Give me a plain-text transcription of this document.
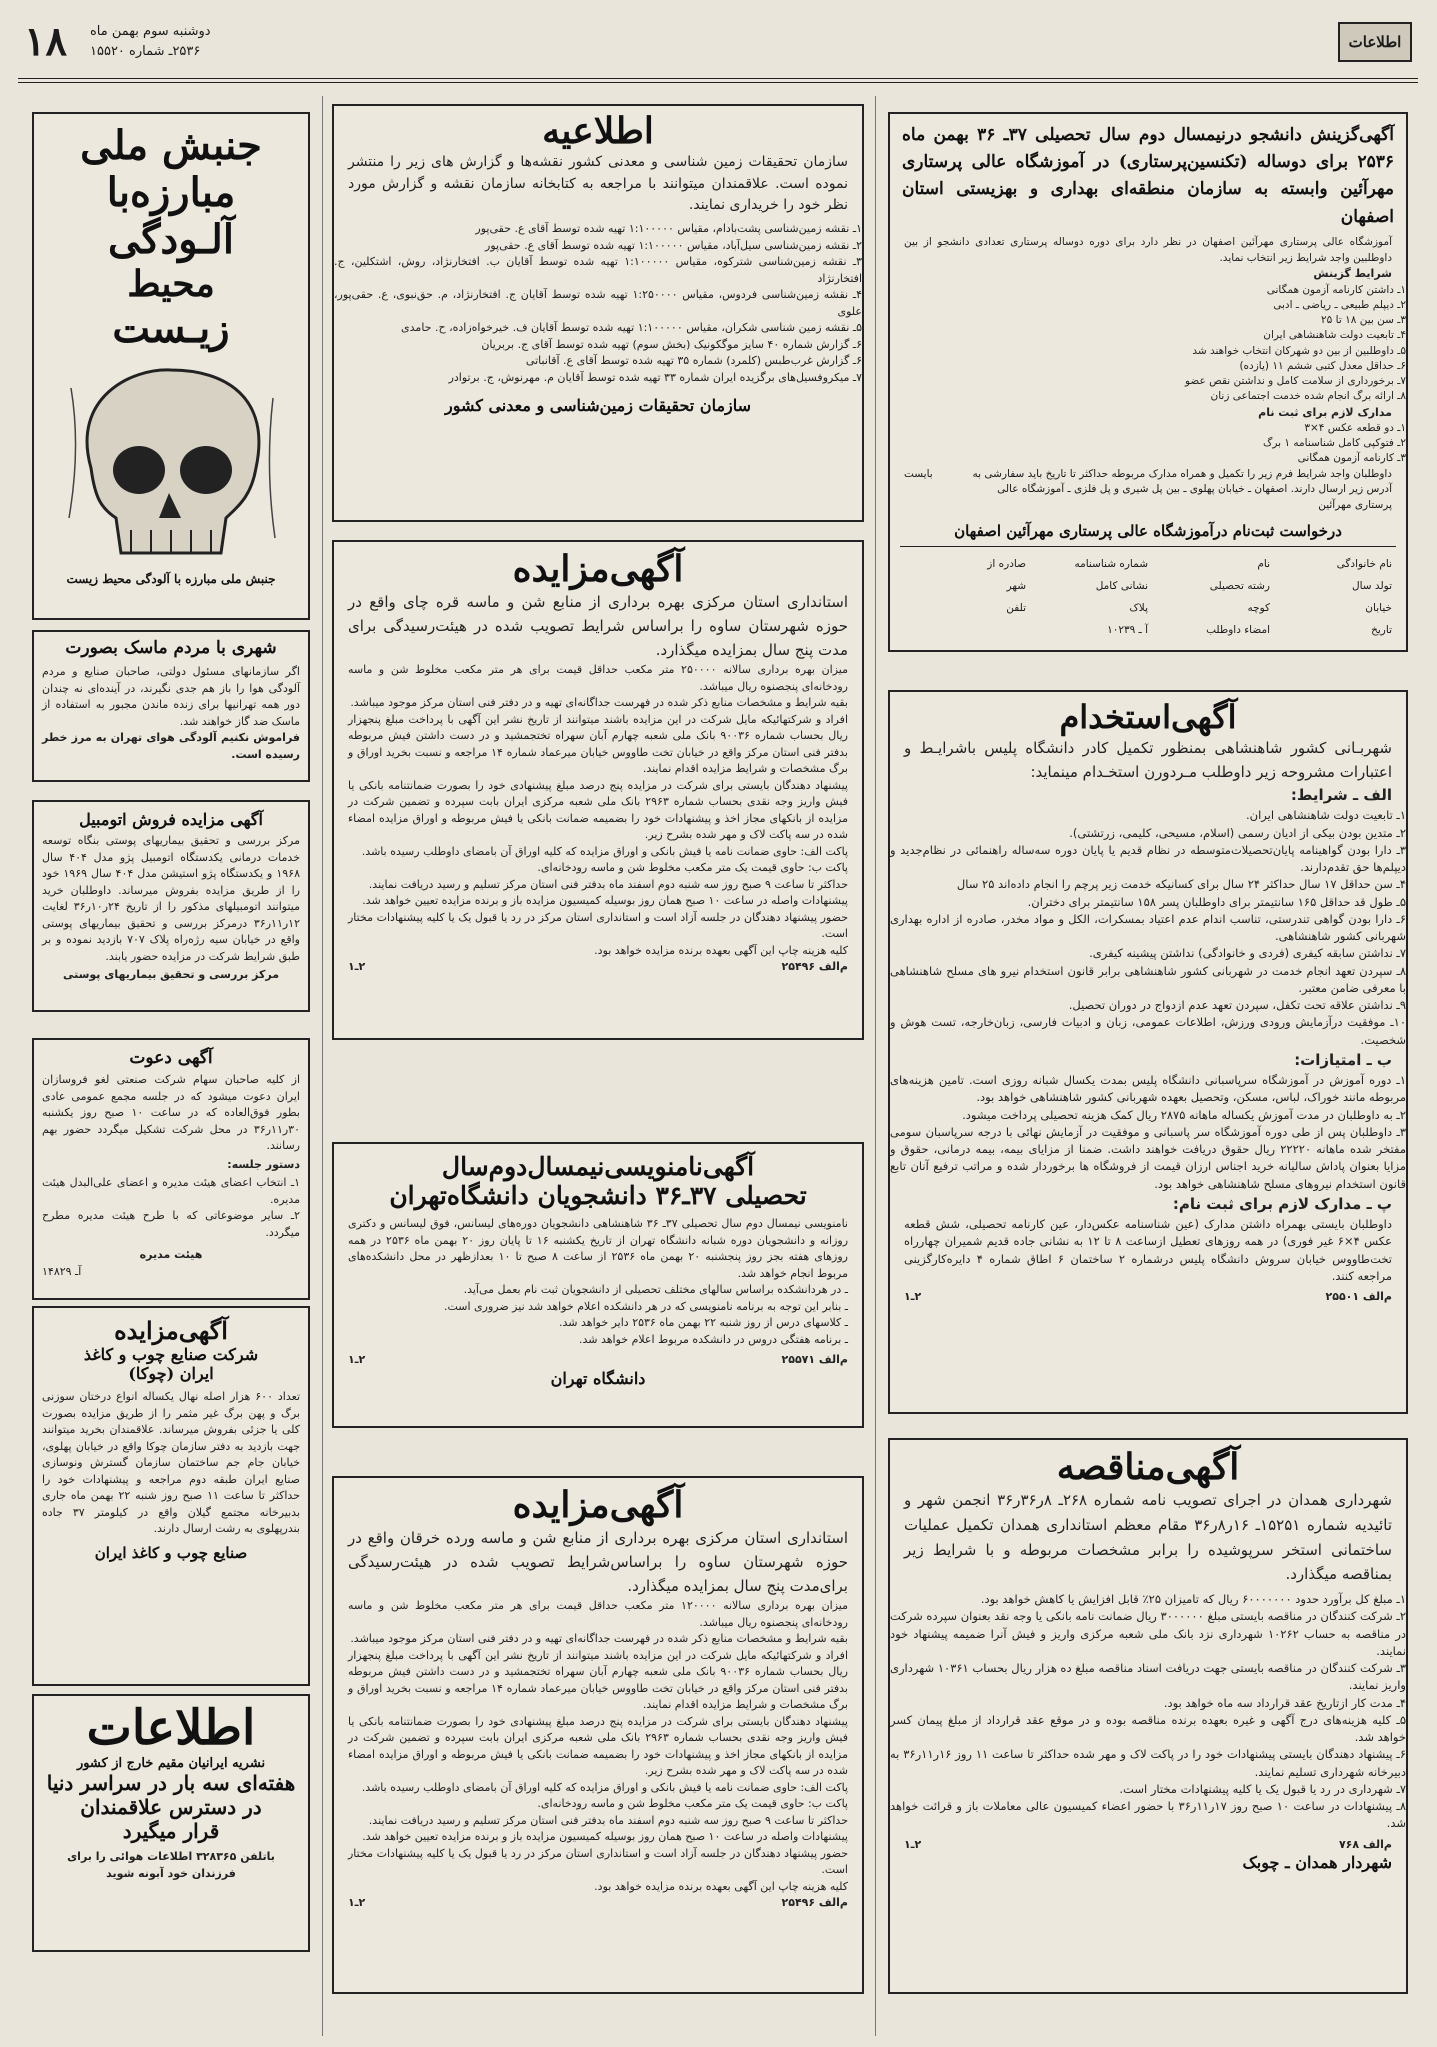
اطلاعات
۱۸ دوشنبه سوم بهمن ماه
۲۵۳۶ـ شماره ۱۵۵۲۰
جنبش ملی
مبارزه‌با
آلـودگی
محیط
زیـست
جنبش ملی مبارزه با آلودگی محیط زیست
شهری با مردم ماسک بصورت
اگر سازمانهای مسئول دولتی، صاحبان صنایع و مردم آلودگی هوا را باز هم جدی نگیرند، در آینده‌ای نه چندان دور همه تهرانیها برای زنده ماندن مجبور به استفاده از ماسک ضد گاز خواهند شد.
فراموش نکنیم آلودگی هوای تهران به مرز خطر رسیده است.
آگهی مزایده فروش اتومبیل
مرکز بررسی و تحقیق بیماریهای پوستی بنگاه توسعه خدمات درمانی یکدستگاه اتومبیل پژو مدل ۴۰۴ سال ۱۹۶۸ و یکدستگاه پژو استیشن مدل ۴۰۴ سال ۱۹۶۹ خود را از طریق مزایده بفروش میرساند. داوطلبان خرید میتوانند اتومبیلهای مذکور را از تاریخ ۲۴ر۱۰ر۳۶ لغایت ۱۲ر۱۱ر۳۶ درمرکز بررسی و تحقیق بیماریهای پوستی واقع در خیابان سیه رژه‌راه پلاک ۷۰۷ بازدید نموده و بر طبق شرایط شرکت در مزایده حضور یابند.
مرکز بررسی و تحقیق بیماریهای پوستی
آگهی دعوت
از کلیه صاحبان سهام شرکت صنعتی لغو فروسازان ایران دعوت میشود که در جلسه مجمع عمومی عادی بطور فوق‌العاده که در ساعت ۱۰ صبح روز یکشنبه ۳۰ر۱۱ر۳۶ در محل شرکت تشکیل میگردد حضور بهم رسانند.
دستور جلسه:
۱ـ انتخاب اعضای هیئت مدیره و اعضای علی‌البدل هیئت مدیره.
۲ـ سایر موضوعاتی که با طرح هیئت مدیره مطرح میگردد.
هیئت مدیره
آـ ۱۴۸۲۹
آگهی‌مزایده
شرکت صنایع چوب و کاغذ
ایران (چوکا)
تعداد ۶۰۰ هزار اصله نهال یکساله انواع درختان سوزنی برگ و پهن برگ غیر مثمر را از طریق مزایده بصورت کلی یا جزئی بفروش میرساند. علاقمندان بخرید میتوانند جهت بازدید به دفتر سازمان چوکا واقع در خیابان پهلوی، خیابان جام جم ساختمان سازمان گسترش ونوسازی صنایع ایران طبقه دوم مراجعه و پیشنهادات خود را حداکثر تا ساعت ۱۱ صبح روز شنبه ۲۲ بهمن ماه جاری بدبیرخانه مجتمع گیلان واقع در کیلومتر ۳۷ جاده بندرپهلوی به رشت ارسال دارند.
صنایع چوب و کاغذ ایران
اطلاعات
نشریه ایرانیان مقیم خارج از کشور
هفته‌ای سه بار در سراسر دنیا
در دسترس علاقمندان
قرار میگیرد
باتلفن ۳۲۸۳۶۵ اطلاعات هوائی را برای فرزندان خود آبونه شوید
اطلاعیه
سازمان تحقیقات زمین شناسی و معدنی کشور نقشه‌ها و گزارش های زیر را منتشر نموده است. علاقمندان میتوانند با مراجعه به کتابخانه سازمان نقشه و گزارش مورد نظر خود را خریداری نمایند.
۱ـ نقشه زمین‌شناسی پشت‌بادام، مقیاس ۱:۱۰۰۰۰۰ تهیه شده توسط آقای ع. حقی‌پور
۲ـ نقشه زمین‌شناسی سیل‌آباد، مقیاس ۱:۱۰۰۰۰۰ تهیه شده توسط آقای ع. حقی‌پور
۳ـ نقشه زمین‌شناسی شترکوه، مقیاس ۱:۱۰۰۰۰۰ تهیه شده توسط آقایان ب. افتخارنژاد، روش، اشتکلین، ج. افتخارنژاد
۴ـ نقشه زمین‌شناسی فردوس، مقیاس ۱:۲۵۰۰۰۰ تهیه شده توسط آقایان ج. افتخارنژاد، م. حق‌نبوی، ع. حقی‌پور، علوی
۵ـ نقشه زمین شناسی شکران، مقیاس ۱:۱۰۰۰۰۰ تهیه شده توسط آقایان ف. خیرخواه‌زاده، ح. حامدی
۶ـ گزارش شماره ۴۰ سایز موگکونیک (بخش سوم) تهیه شده توسط آقای ج. بربریان
۶ـ گزارش غرب‌طبس (کلمرد) شماره ۳۵ تهیه شده توسط آقای ع. آقانباتی
۷ـ میکروفسیل‌های برگزیده ایران شماره ۳۳ تهیه شده توسط آقایان م. مهرنوش، ج. برتوادر
سازمان تحقیقات زمین‌شناسی و معدنی کشور
آگهی‌مزایده
استانداری استان مرکزی بهره برداری از منابع شن و ماسه قره چای واقع در حوزه شهرستان ساوه را براساس شرایط تصویب شده در هیئت‌رسیدگی برای مدت پنج سال بمزایده میگذارد.
میزان بهره برداری سالانه ۲۵۰۰۰۰ متر مکعب حداقل قیمت برای هر متر مکعب مخلوط شن و ماسه رودخانه‌ای پنجصنوه ریال میباشد.
بقیه شرایط و مشخصات منابع ذکر شده در فهرست جداگانه‌ای تهیه و در دفتر فنی استان مرکز موجود میباشد.
افراد و شرکتهائیکه مایل شرکت در این مزایده باشند میتوانند از تاریخ نشر این آگهی با پرداخت مبلغ پنجهزار ریال بحساب شماره ۹۰۰۳۶ بانک ملی شعبه چهارم آبان سهراه تختجمشید و در دست داشتن فیش مربوطه بدفتر فنی استان مرکز واقع در خیابان تخت طاووس خیابان میرعماد شماره ۱۴ مراجعه و نسبت بخرید اوراق و برگ مشخصات و شرایط مزایده اقدام نمایند.
پیشنهاد دهندگان بایستی برای شرکت در مزایده پنج درصد مبلغ پیشنهادی خود را بصورت ضمانتنامه بانکی یا فیش واریز وجه نقدی بحساب شماره ۲۹۶۳ بانک ملی شعبه مرکزی ایران بابت سپرده و تضمین شرکت در مزایده از بانکهای مجاز اخذ و پیشنهادات خود را بضمیمه ضمانت بانکی یا فیش مربوطه و اوراق مزایده امضاء شده در سه پاکت لاک و مهر شده بشرح زیر.
پاکت الف: حاوی ضمانت نامه یا فیش بانکی و اوراق مزایده که کلیه اوراق آن بامضای داوطلب رسیده باشد.
پاکت ب: حاوی قیمت یک متر مکعب مخلوط شن و ماسه رودخانه‌ای.
حداکثر تا ساعت ۹ صبح روز سه شنبه دوم اسفند ماه بدفتر فنی استان مرکز تسلیم و رسید دریافت نمایند.
پیشنهادات واصله در ساعت ۱۰ صبح همان روز بوسیله کمیسیون مزایده باز و برنده مزایده تعیین خواهد شد.
حضور پیشنهاد دهندگان در جلسه آزاد است و استانداری استان مرکز در رد یا قبول یک یا کلیه پیشنهادات مختار است.
کلیه هزینه چاپ این آگهی بعهده برنده مزایده خواهد بود.
م‌الف ۲۵۴۹۶
۲ـ۱
آگهی‌نامنویسی‌نیمسال‌دوم‌سال
تحصیلی ۳۷ـ۳۶ دانشجویان دانشگاه‌تهران
نامنویسی نیمسال دوم سال تحصیلی ۳۷ـ ۳۶ شاهنشاهی دانشجویان دوره‌های لیسانس، فوق لیسانس و دکتری روزانه و دانشجویان دوره شبانه دانشگاه تهران از تاریخ یکشنبه ۱۶ تا پایان روز ۲۰ بهمن ماه ۲۵۳۶ در همه روزهای هفته بجز روز پنجشنبه ۲۰ بهمن ماه ۲۵۳۶ از ساعت ۸ صبح تا ۱۰ بعدازظهر در محل دانشکده‌های مربوط انجام خواهد شد.
ـ در هردانشکده براساس سالهای مختلف تحصیلی از دانشجویان ثبت نام بعمل می‌آید.
ـ بنابر این توجه به برنامه نامنویسی که در هر دانشکده اعلام خواهد شد نیز ضروری است.
ـ کلاسهای درس از روز شنبه ۲۲ بهمن ماه ۲۵۳۶ دایر خواهد شد.
ـ برنامه هفتگی دروس در دانشکده مربوط اعلام خواهد شد.
م‌الف ۲۵۵۷۱
۲ـ۱
دانشگاه تهران
آگهی‌مزایده
استانداری استان مرکزی بهره برداری از منابع شن و ماسه ورده خرقان واقع در حوزه شهرستان ساوه را براساس‌شرایط تصویب شده در هیئت‌رسیدگی برای‌مدت پنج سال بمزایده میگذارد.
میزان بهره برداری سالانه ۱۲۰۰۰۰ متر مکعب حداقل قیمت برای هر متر مکعب مخلوط شن و ماسه رودخانه‌ای پنجصنوه ریال میباشد.
بقیه شرایط و مشخصات منابع ذکر شده در فهرست جداگانه‌ای تهیه و در دفتر فنی استان مرکز موجود میباشد.
افراد و شرکتهائیکه مایل شرکت در این مزایده باشند میتوانند از تاریخ نشر این آگهی با پرداخت مبلغ پنجهزار ریال بحساب شماره ۹۰۰۳۶ بانک ملی شعبه چهارم آبان سهراه تختجمشید و در دست داشتن فیش مربوطه بدفتر فنی استان مرکز واقع در خیابان تخت طاووس خیابان میرعماد شماره ۱۴ مراجعه و نسبت بخرید اوراق و برگ مشخصات و شرایط مزایده اقدام نمایند.
پیشنهاد دهندگان بایستی برای شرکت در مزایده پنج درصد مبلغ پیشنهادی خود را بصورت ضمانتنامه بانکی یا فیش واریز وجه نقدی بحساب شماره ۲۹۶۳ بانک ملی شعبه مرکزی ایران بابت سپرده و تضمین شرکت در مزایده از بانکهای مجاز اخذ و پیشنهادات خود را بضمیمه ضمانت بانکی یا فیش مربوطه و اوراق مزایده امضاء شده در سه پاکت لاک و مهر شده بشرح زیر.
پاکت الف: حاوی ضمانت نامه یا فیش بانکی و اوراق مزایده که کلیه اوراق آن بامضای داوطلب رسیده باشد.
پاکت ب: حاوی قیمت یک متر مکعب مخلوط شن و ماسه رودخانه‌ای.
حداکثر تا ساعت ۹ صبح روز سه شنبه دوم اسفند ماه بدفتر فنی استان مرکز تسلیم و رسید دریافت نمایند.
پیشنهادات واصله در ساعت ۱۰ صبح همان روز بوسیله کمیسیون مزایده باز و برنده مزایده تعیین خواهد شد.
حضور پیشنهاد دهندگان در جلسه آزاد است و استانداری استان مرکز در رد یا قبول یک یا کلیه پیشنهادات مختار است.
کلیه هزینه چاپ این آگهی بعهده برنده مزایده خواهد بود.
م‌الف ۲۵۴۹۶
۲ـ۱
آگهی‌گزینش دانشجو درنیمسال دوم سال تحصیلی ۳۷ـ ۳۶ بهمن ماه ۲۵۳۶ برای دوساله (تکنسین‌پرستاری) در آموزشگاه عالی پرستاری مهرآئین وابسته به سازمان منطقه‌ای بهداری و بهزیستی استان اصفهان
آموزشگاه عالی پرستاری مهرآئین اصفهان در نظر دارد برای دوره دوساله پرستاری تعدادی دانشجو از بین داوطلبین واجد شرایط زیر انتخاب نماید.
شرایط گزینش
۱ـ داشتن کارنامه آزمون همگانی
۲ـ دیپلم طبیعی ـ ریاضی ـ ادبی
۳ـ سن بین ۱۸ تا ۲۵
۴ـ تابعیت دولت شاهنشاهی ایران
۵ـ داوطلبین از بین دو شهرکان انتخاب خواهند شد
۶ـ حداقل معدل کتبی ششم ۱۱ (یازده)
۷ـ برخورداری از سلامت کامل و نداشتن نقص عضو
۸ـ ارائه برگ انجام شده خدمت اجتماعی زنان
مدارک لازم برای ثبت نام
۱ـ دو قطعه عکس ۴×۳
۲ـ فتوکپی کامل شناسنامه ۱ برگ
۳ـ کارنامه آزمون همگانی
داوطلبان واجد شرایط فرم زیر را تکمیل و همراه مدارک مربوطه حداکثر تا تاریخ باید سفارشی به آدرس زیر ارسال دارند. اصفهان ـ خیابان پهلوی ـ بین پل شیری و پل فلزی ـ آموزشگاه عالی پرستاری مهرآئین
بایست
درخواست ثبت‌نام درآموزشگاه عالی پرستاری مهرآئین اصفهان
نام خانوادگی
نام
شماره شناسنامه
صادره از
تولد سال
رشته تحصیلی
نشانی کامل
شهر
خیابان
کوچه
پلاک
تلفن
تاریخ
امضاء داوطلب
آ ـ ۱۰۲۳۹
آگهی‌استخدام
شهربـانی کشور شاهنشاهی بمنظور تکمیل کادر دانشگاه پلیس باشرایـط و اعتبارات مشروحه زیر داوطلب مـردورن استخـدام مینماید:
الف ـ شرایط:
۱ـ تابعیت دولت شاهنشاهی ایران.
۲ـ متدین بودن بیکی از ادیان رسمی (اسلام، مسیحی، کلیمی، زرتشتی).
۳ـ دارا بودن گواهینامه پایان‌تحصیلات‌متوسطه در نظام قدیم یا پایان دوره سه‌ساله راهنمائی در نظام‌جدید و دیپلم‌ها حق تقدم‌دارند.
۴ـ سن حداقل ۱۷ سال حداکثر ۲۴ سال برای کسانیکه خدمت زیر پرچم را انجام داده‌اند ۲۵ سال
۵ـ طول قد حداقل ۱۶۵ سانتیمتر برای داوطلبان پسر ۱۵۸ سانتیمتر برای دختران.
۶ـ دارا بودن گواهی تندرستی، تناسب اندام عدم اعتیاد بمسکرات، الکل و مواد مخدر، صادره از اداره بهداری شهربانی کشور شاهنشاهی.
۷ـ نداشتن سابقه کیفری (فردی و خانوادگی) نداشتن پیشینه کیفری.
۸ـ سپردن تعهد انجام خدمت در شهربانی کشور شاهنشاهی برابر قانون استخدام نیرو های مسلح شاهنشاهی با معرفی ضامن معتبر.
۹ـ نداشتن علاقه تحت تکفل، سپردن تعهد عدم ازدواج در دوران تحصیل.
۱۰ـ موفقیت درآزمایش ورودی ورزش، اطلاعات عمومی، زبان و ادبیات فارسی، زبان‌خارجه، تست هوش و شخصیت.
ب ـ امتیازات:
۱ـ دوره آموزش در آموزشگاه سرپاسبانی دانشگاه پلیس بمدت یکسال شبانه روزی است. تامین هزینه‌های مربوطه مانند خوراک، لباس، مسکن، وتحصیل بعهده شهربانی کشور شاهنشاهی خواهد بود.
۲ـ به داوطلبان در مدت آموزش یکساله ماهانه ۲۸۷۵ ریال کمک هزینه تحصیلی پرداخت میشود.
۳ـ داوطلبان پس از طی دوره آموزشگاه سر پاسبانی و موفقیت در آزمایش نهائی با درجه سرپاسبان سومی مفتخر شده ماهانه ۲۲۲۲۰ ریال حقوق دریافت خواهند داشت. ضمنا از مزایای بیمه، بیمه درمانی، حقوق و مزایا بعنوان پاداش سالیانه خرید اجناس ارزان قیمت از فروشگاه ها برخوردار شده و مراتب ترفیع آنان تابع قانون استخدام نیروهای مسلح شاهنشاهی خواهد بود.
پ ـ مدارک لازم برای ثبت نام:
داوطلبان بایستی بهمراه داشتن مدارک (عین شناسنامه عکس‌دار، عین کارنامه تحصیلی، شش قطعه عکس ۴×۶ غیر فوری) در همه روزهای تعطیل ازساعت ۸ تا ۱۲ به نشانی جاده قدیم شمیران چهارراه تخت‌طاووس خیابان سروش دانشگاه پلیس درشماره ۲ ساختمان ۶ اطاق شماره ۴ دایره‌کارگزینی مراجعه کنند.
م‌الف ۲۵۵۰۱
۲ـ۱
آگهی‌مناقصه
شهرداری همدان در اجرای تصویب نامه شماره ۲۶۸ـ ۸ر۳۶ر۳۶ انجمن شهر و تائیدیه شماره ۱۵۲۵۱ـ ۱۶ر۸ر۳۶ مقام معظم استانداری همدان تکمیل عملیات ساختمانی استخر سرپوشیده را برابر مشخصات مربوطه و با شرایط زیر بمناقصه میگذارد.
۱ـ مبلغ کل برآورد حدود ۶۰۰۰۰۰۰۰ ریال که تامیزان ۲۵٪ قابل افزایش یا کاهش خواهد بود.
۲ـ شرکت کنندگان در مناقصه بایستی مبلغ ۳۰۰۰۰۰۰ ریال ضمانت نامه بانکی یا وجه نقد بعنوان سپرده شرکت در مناقصه به حساب ۱۰۲۶۲ شهرداری نزد بانک ملی شعبه مرکزی واریز و فیش آنرا ضمیمه پیشنهاد خود نمایند.
۳ـ شرکت کنندگان در مناقصه بایستی جهت دریافت اسناد مناقصه مبلغ ده هزار ریال بحساب ۱۰۳۶۱ شهرداری واریز نمایند.
۴ـ مدت کار ازتاریخ عقد قرارداد سه ماه خواهد بود.
۵ـ کلیه هزینه‌های درج آگهی و غیره بعهده برنده مناقصه بوده و در موقع عقد قرارداد از مبلغ پیمان کسر خواهد شد.
۶ـ پیشنهاد دهندگان بایستی پیشنهادات خود را در پاکت لاک و مهر شده حداکثر تا ساعت ۱۱ روز ۱۶ر۱۱ر۳۶ به دبیرخانه شهرداری تسلیم نمایند.
۷ـ شهرداری در رد یا قبول یک یا کلیه پیشنهادات مختار است.
۸ـ پیشنهادات در ساعت ۱۰ صبح روز ۱۷ر۱۱ر۳۶ با حضور اعضاء کمیسیون عالی معاملات باز و قرائت خواهد شد.
م‌الف ۷۶۸
۲ـ۱
شهردار همدان ـ چوبک
